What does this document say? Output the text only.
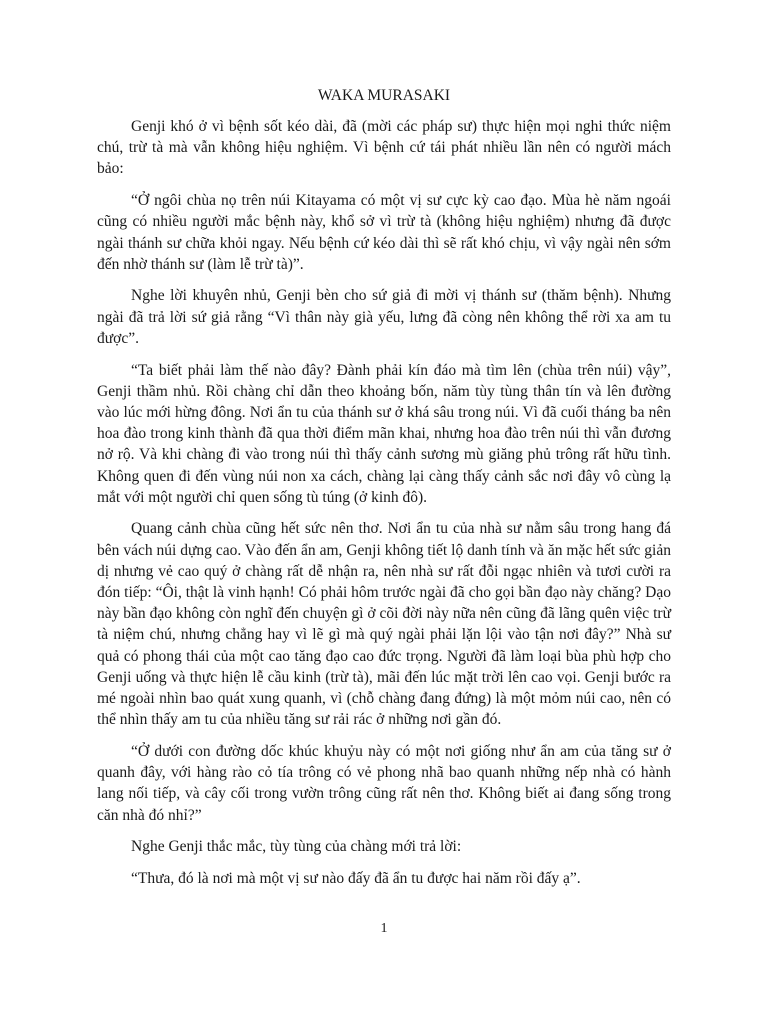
WAKA MURASAKI

Genji khó ở vì bệnh sốt kéo dài, đã (mời các pháp sư) thực hiện mọi nghi thức niệm chú, trừ tà mà vẫn không hiệu nghiệm. Vì bệnh cứ tái phát nhiều lần nên có người mách bảo:

“Ở ngôi chùa nọ trên núi Kitayama có một vị sư cực kỳ cao đạo. Mùa hè năm ngoái cũng có nhiều người mắc bệnh này, khổ sở vì trừ tà (không hiệu nghiệm) nhưng đã được ngài thánh sư chữa khỏi ngay. Nếu bệnh cứ kéo dài thì sẽ rất khó chịu, vì vậy ngài nên sớm đến nhờ thánh sư (làm lễ trừ tà)”.

Nghe lời khuyên nhủ, Genji bèn cho sứ giả đi mời vị thánh sư (thăm bệnh). Nhưng ngài đã trả lời sứ giả rằng “Vì thân này già yếu, lưng đã còng nên không thể rời xa am tu được”.

“Ta biết phải làm thế nào đây? Đành phải kín đáo mà tìm lên (chùa trên núi) vậy”, Genji thầm nhủ. Rồi chàng chỉ dẫn theo khoảng bốn, năm tùy tùng thân tín và lên đường vào lúc mới hừng đông. Nơi ẩn tu của thánh sư ở khá sâu trong núi. Vì đã cuối tháng ba nên hoa đào trong kinh thành đã qua thời điểm mãn khai, nhưng hoa đào trên núi thì vẫn đương nở rộ. Và khi chàng đi vào trong núi thì thấy cảnh sương mù giăng phủ trông rất hữu tình. Không quen đi đến vùng núi non xa cách, chàng lại càng thấy cảnh sắc nơi đây vô cùng lạ mắt với một người chỉ quen sống tù túng (ở kinh đô).

Quang cảnh chùa cũng hết sức nên thơ. Nơi ẩn tu của nhà sư nằm sâu trong hang đá bên vách núi dựng cao. Vào đến ẩn am, Genji không tiết lộ danh tính và ăn mặc hết sức giản dị nhưng vẻ cao quý ở chàng rất dễ nhận ra, nên nhà sư rất đỗi ngạc nhiên và tươi cười ra đón tiếp: “Ôi, thật là vinh hạnh! Có phải hôm trước ngài đã cho gọi bần đạo này chăng? Dạo này bần đạo không còn nghĩ đến chuyện gì ở cõi đời này nữa nên cũng đã lãng quên việc trừ tà niệm chú, nhưng chẳng hay vì lẽ gì mà quý ngài phải lặn lội vào tận nơi đây?” Nhà sư quả có phong thái của một cao tăng đạo cao đức trọng. Người đã làm loại bùa phù hợp cho Genji uống và thực hiện lễ cầu kinh (trừ tà), mãi đến lúc mặt trời lên cao vọi. Genji bước ra mé ngoài nhìn bao quát xung quanh, vì (chỗ chàng đang đứng) là một mỏm núi cao, nên có thể nhìn thấy am tu của nhiều tăng sư rải rác ở những nơi gần đó.

“Ở dưới con đường dốc khúc khuỷu này có một nơi giống như ẩn am của tăng sư ở quanh đây, với hàng rào cỏ tía trông có vẻ phong nhã bao quanh những nếp nhà có hành lang nối tiếp, và cây cối trong vườn trông cũng rất nên thơ. Không biết ai đang sống trong căn nhà đó nhỉ?”

Nghe Genji thắc mắc, tùy tùng của chàng mới trả lời:

“Thưa, đó là nơi mà một vị sư nào đấy đã ẩn tu được hai năm rồi đấy ạ”.

1
